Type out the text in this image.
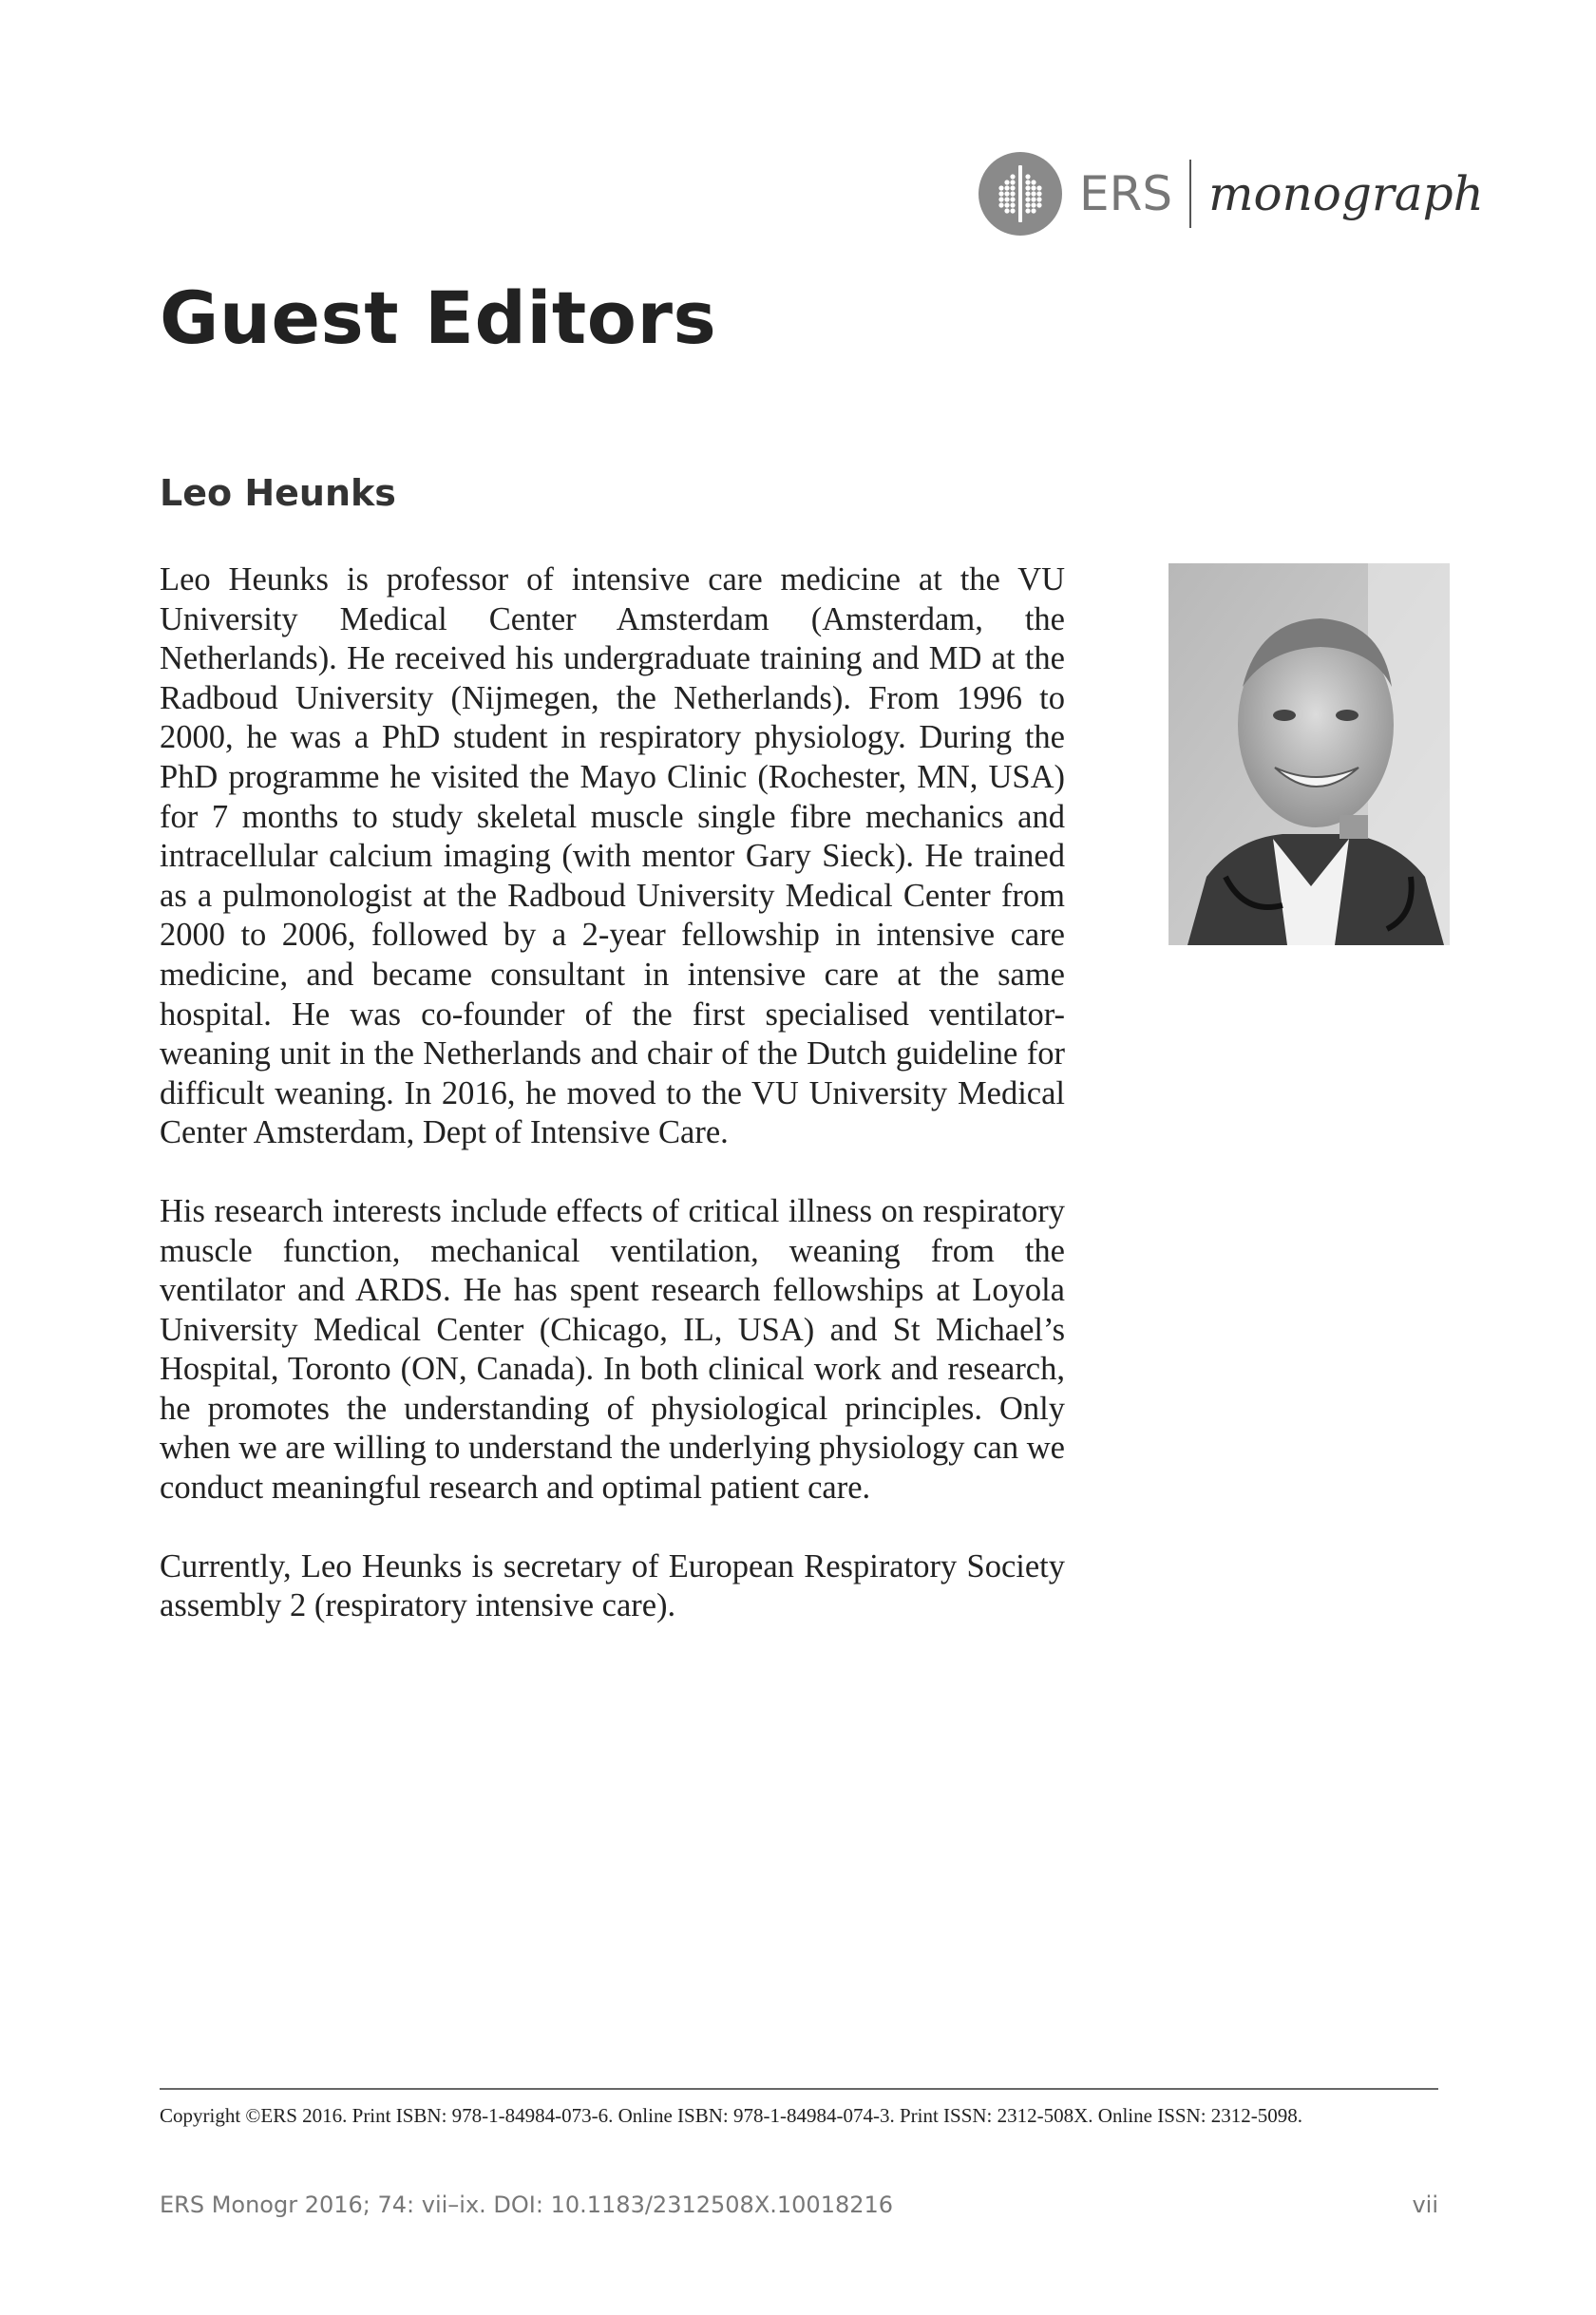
ERS monograph
Guest Editors
Leo Heunks

Leo Heunks is professor of intensive care medicine at the VU University Medical Center Amsterdam (Amsterdam, the Netherlands). He received his undergraduate training and MD at the Radboud University (Nijmegen, the Netherlands). From 1996 to 2000, he was a PhD student in respiratory physiology. During the PhD programme he visited the Mayo Clinic (Rochester, MN, USA) for 7 months to study skeletal muscle single fibre mechanics and intracellular calcium imaging (with mentor Gary Sieck). He trained as a pulmonologist at the Radboud University Medical Center from 2000 to 2006, followed by a 2-year fellowship in intensive care medicine, and became consultant in intensive care at the same hospital. He was co-founder of the first specialised ventilator-weaning unit in the Netherlands and chair of the Dutch guideline for difficult weaning. In 2016, he moved to the VU University Medical Center Amsterdam, Dept of Intensive Care.

His research interests include effects of critical illness on respiratory muscle function, mechanical ventilation, weaning from the ventilator and ARDS. He has spent research fellowships at Loyola University Medical Center (Chicago, IL, USA) and St Michael’s Hospital, Toronto (ON, Canada). In both clinical work and research, he promotes the understanding of physiological principles. Only when we are willing to understand the underlying physiology can we conduct meaningful research and optimal patient care.

Currently, Leo Heunks is secretary of European Respiratory Society assembly 2 (respiratory intensive care).

Copyright ©ERS 2016. Print ISBN: 978-1-84984-073-6. Online ISBN: 978-1-84984-074-3. Print ISSN: 2312-508X. Online ISSN: 2312-5098.
ERS Monogr 2016; 74: vii–ix. DOI: 10.1183/2312508X.10018216	vii
